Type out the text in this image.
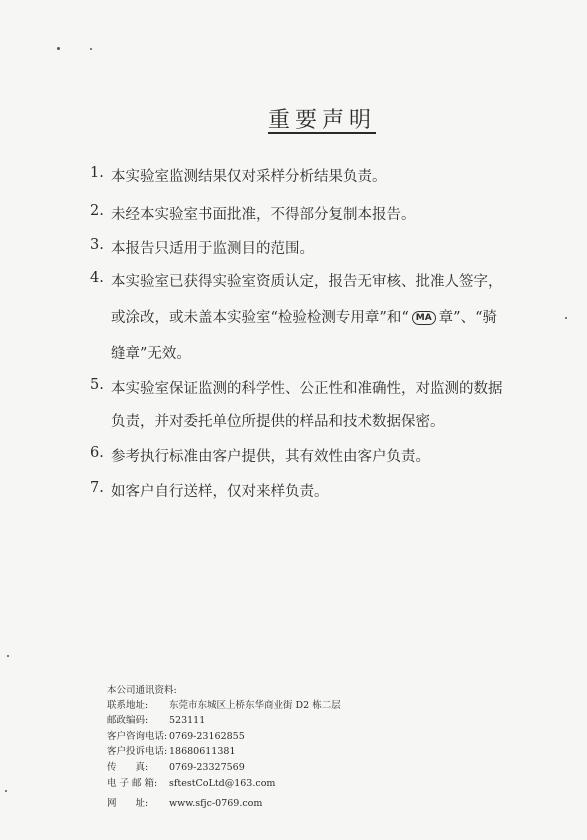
重要声明
1. 本实验室监测结果仅对采样分析结果负责。
2. 未经本实验室书面批准，不得部分复制本报告。
3. 本报告只适用于监测目的范围。
4. 本实验室已获得实验室资质认定，报告无审核、批准人签字，
或涂改，或未盖本实验室“检验检测专用章”和“ MA 章”、“骑
缝章”无效。
5. 本实验室保证监测的科学性、公正性和准确性，对监测的数据
负责，并对委托单位所提供的样品和技术数据保密。
6. 参考执行标准由客户提供，其有效性由客户负责。
7. 如客户自行送样，仅对来样负责。
本公司通讯资料:
联系地址: 东莞市东城区上桥东华商业街 D2 栋二层
邮政编码: 523111
客户咨询电话: 0769-23162855
客户投诉电话: 18680611381
传　　真: 0769-23327569
电 子 邮 箱: sftestCoLtd@163.com
网　　址: www.sfjc-0769.com
